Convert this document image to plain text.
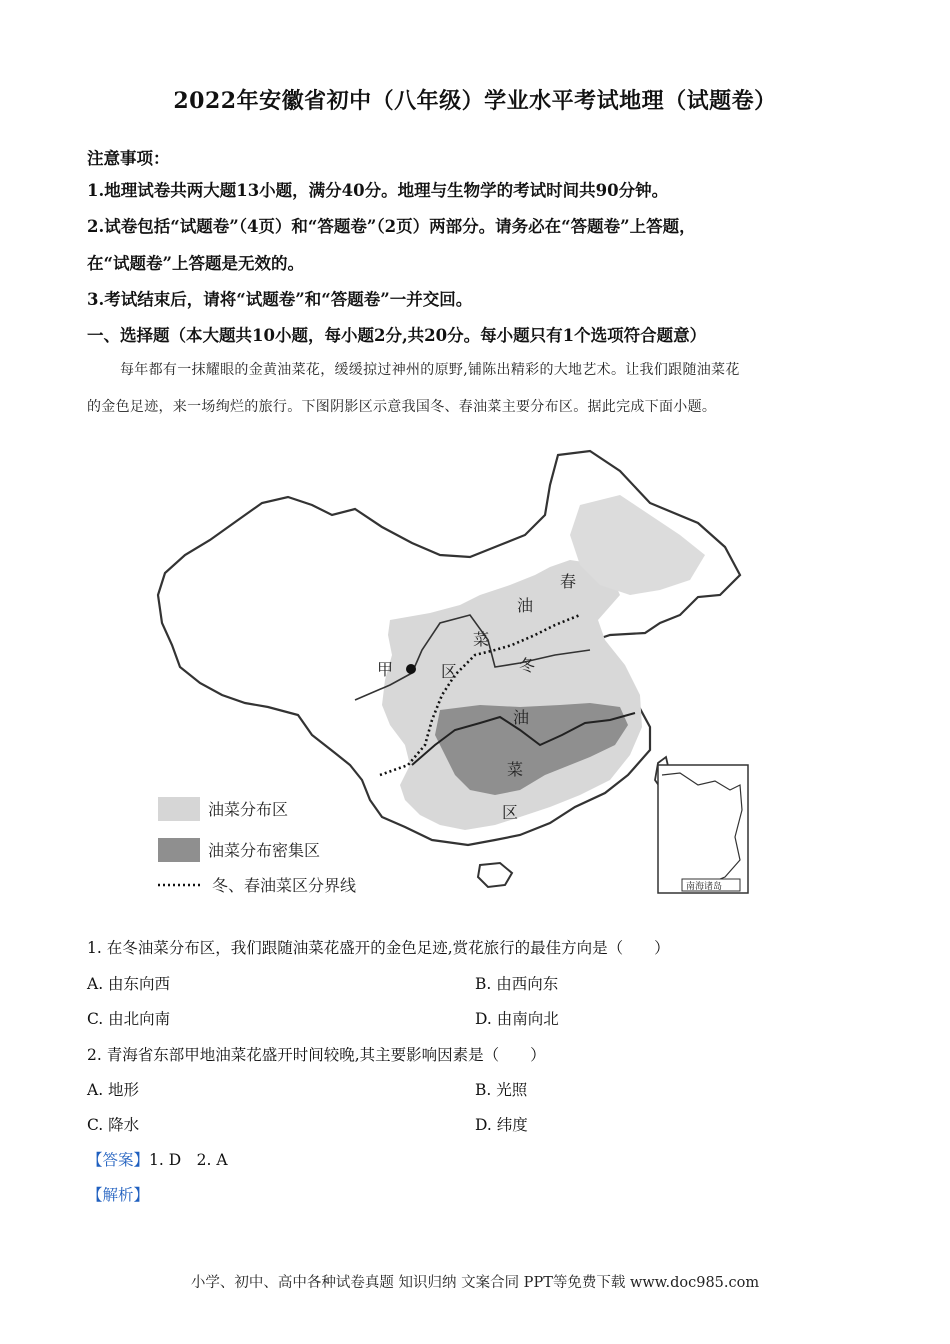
2022年安徽省初中（八年级）学业水平考试地理（试题卷）
注意事项：
1.地理试卷共两大题13小题，满分40分。地理与生物学的考试时间共90分钟。
2.试卷包括“试题卷”（4页）和“答题卷”（2页）两部分。请务必在“答题卷”上答题，
在“试题卷”上答题是无效的。
3.考试结束后，请将“试题卷”和“答题卷”一并交回。
一、选择题（本大题共10小题，每小题2分,共20分。每小题只有1个选项符合题意）
每年都有一抹耀眼的金黄油菜花，缓缓掠过神州的原野,铺陈出精彩的大地艺术。让我们跟随油菜花
的金色足迹，来一场绚烂的旅行。下图阴影区示意我国冬、春油菜主要分布区。据此完成下面小题。
春
油
菜
区
甲	冬
油
菜
区
油菜分布区
油菜分布密集区
冬、春油菜区分界线	南海诸岛
1. 在冬油菜分布区，我们跟随油菜花盛开的金色足迹,赏花旅行的最佳方向是（　　）
A. 由东向西	B. 由西向东
C. 由北向南	D. 由南向北
2. 青海省东部甲地油菜花盛开时间较晚,其主要影响因素是（　　）
A. 地形	B. 光照
C. 降水	D. 纬度
【答案】1. D　2. A
【解析】
小学、初中、高中各种试卷真题 知识归纳 文案合同 PPT等免费下载 www.doc985.com
